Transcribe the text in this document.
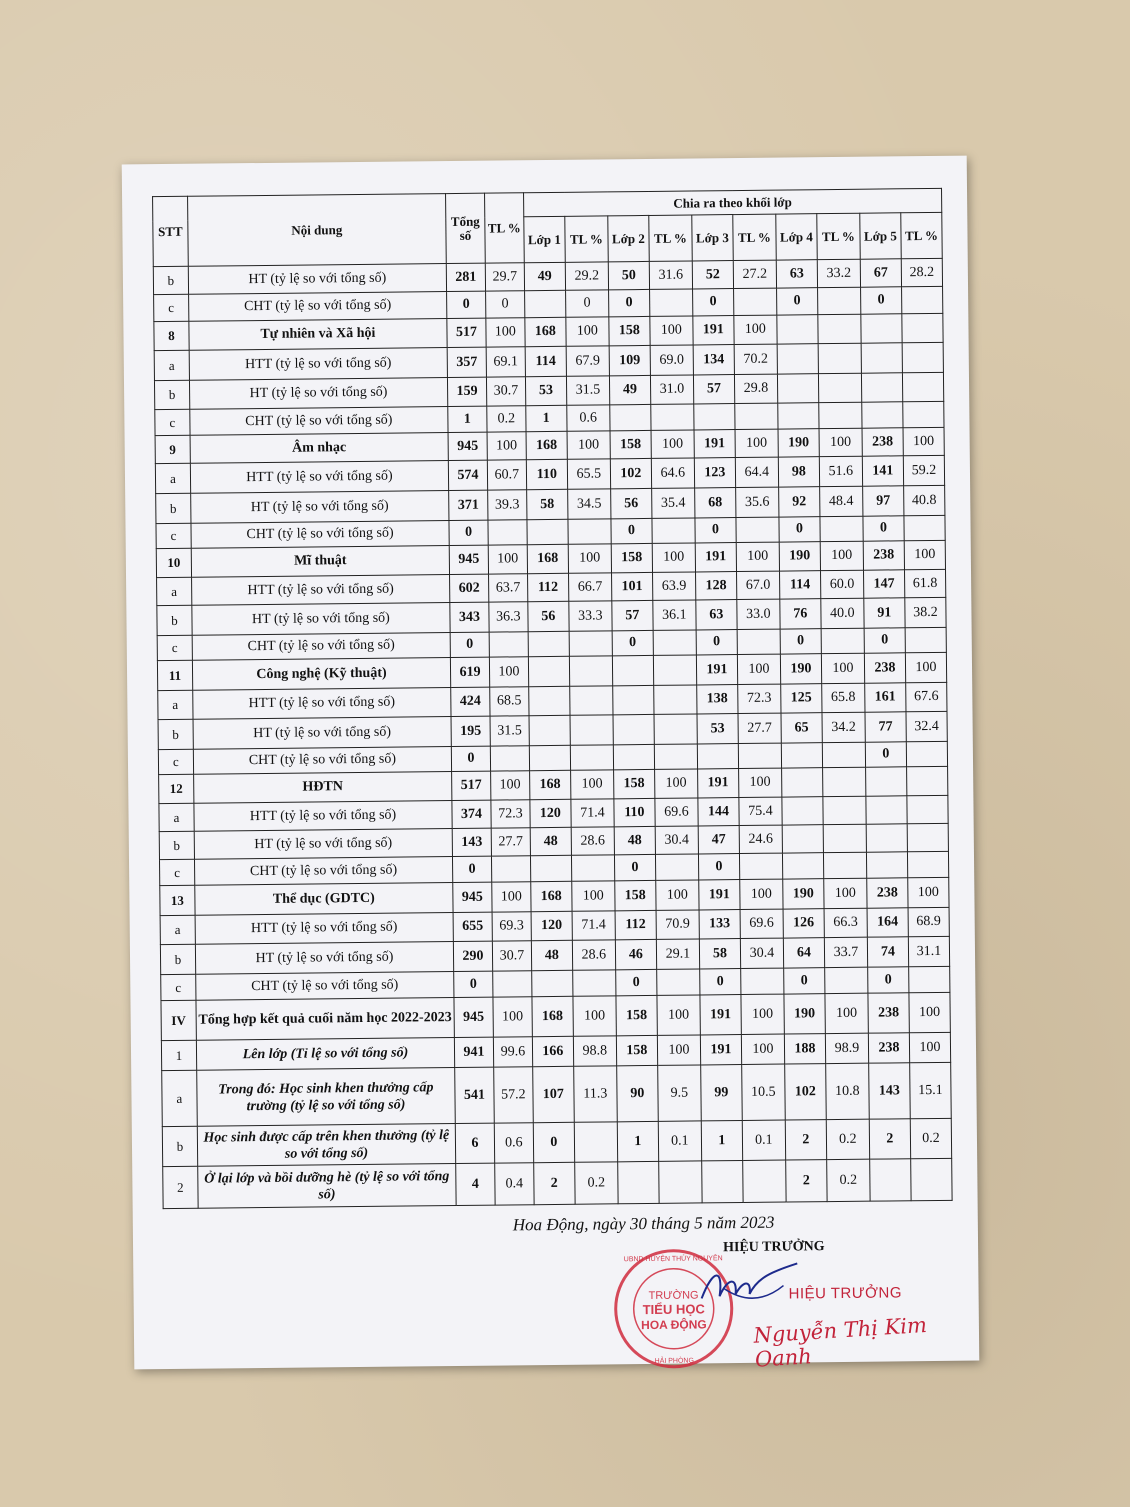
STT	Nội dung	Tổng số	TL %	Chia ra theo khối lớp									
				Lớp 1	TL %	Lớp 2	TL %	Lớp 3	TL %	Lớp 4	TL %	Lớp 5	TL %
b	HT (tỷ lệ so với tổng số)	281	29.7	49	29.2	50	31.6	52	27.2	63	33.2	67	28.2
c	CHT (tỷ lệ so với tổng số)	0	0		0	0		0		0		0	
8	Tự nhiên và Xã hội	517	100	168	100	158	100	191	100				
a	HTT (tỷ lệ so với tổng số)	357	69.1	114	67.9	109	69.0	134	70.2				
b	HT (tỷ lệ so với tổng số)	159	30.7	53	31.5	49	31.0	57	29.8				
c	CHT (tỷ lệ so với tổng số)	1	0.2	1	0.6								
9	Âm nhạc	945	100	168	100	158	100	191	100	190	100	238	100
a	HTT (tỷ lệ so với tổng số)	574	60.7	110	65.5	102	64.6	123	64.4	98	51.6	141	59.2
b	HT (tỷ lệ so với tổng số)	371	39.3	58	34.5	56	35.4	68	35.6	92	48.4	97	40.8
c	CHT (tỷ lệ so với tổng số)	0				0		0		0		0	
10	Mĩ thuật	945	100	168	100	158	100	191	100	190	100	238	100
a	HTT (tỷ lệ so với tổng số)	602	63.7	112	66.7	101	63.9	128	67.0	114	60.0	147	61.8
b	HT (tỷ lệ so với tổng số)	343	36.3	56	33.3	57	36.1	63	33.0	76	40.0	91	38.2
c	CHT (tỷ lệ so với tổng số)	0				0		0		0		0	
11	Công nghệ (Kỹ thuật)	619	100					191	100	190	100	238	100
a	HTT (tỷ lệ so với tổng số)	424	68.5					138	72.3	125	65.8	161	67.6
b	HT (tỷ lệ so với tổng số)	195	31.5					53	27.7	65	34.2	77	32.4
c	CHT (tỷ lệ so với tổng số)	0										0	
12	HĐTN	517	100	168	100	158	100	191	100				
a	HTT (tỷ lệ so với tổng số)	374	72.3	120	71.4	110	69.6	144	75.4				
b	HT (tỷ lệ so với tổng số)	143	27.7	48	28.6	48	30.4	47	24.6				
c	CHT (tỷ lệ so với tổng số)	0				0		0					
13	Thể dục (GDTC)	945	100	168	100	158	100	191	100	190	100	238	100
a	HTT (tỷ lệ so với tổng số)	655	69.3	120	71.4	112	70.9	133	69.6	126	66.3	164	68.9
b	HT (tỷ lệ so với tổng số)	290	30.7	48	28.6	46	29.1	58	30.4	64	33.7	74	31.1
c	CHT (tỷ lệ so với tổng số)	0				0		0		0		0	
IV	Tổng hợp kết quả cuối năm học 2022-2023	945	100	168	100	158	100	191	100	190	100	238	100
1	Lên lớp (Tỉ lệ so với tổng số)	941	99.6	166	98.8	158	100	191	100	188	98.9	238	100
a	Trong đó: Học sinh khen thưởng cấp trường (tỷ lệ so với tổng số)	541	57.2	107	11.3	90	9.5	99	10.5	102	10.8	143	15.1
b	Học sinh được cấp trên khen thưởng (tỷ lệ so với tổng số)	6	0.6	0		1	0.1	1	0.1	2	0.2	2	0.2
2	Ở lại lớp và bồi dưỡng hè (tỷ lệ so với tổng số)	4	0.4	2	0.2					2	0.2		
Hoa Động, ngày 30 tháng 5 năm 2023
HIỆU TRƯỞNG
TRƯỜNG
TIỂU HỌC
HOA ĐỘNG
UBND HUYỆN THỦY NGUYÊN
HẢI PHÒNG
HIỆU TRƯỞNG
Nguyễn Thị Kim Oanh
